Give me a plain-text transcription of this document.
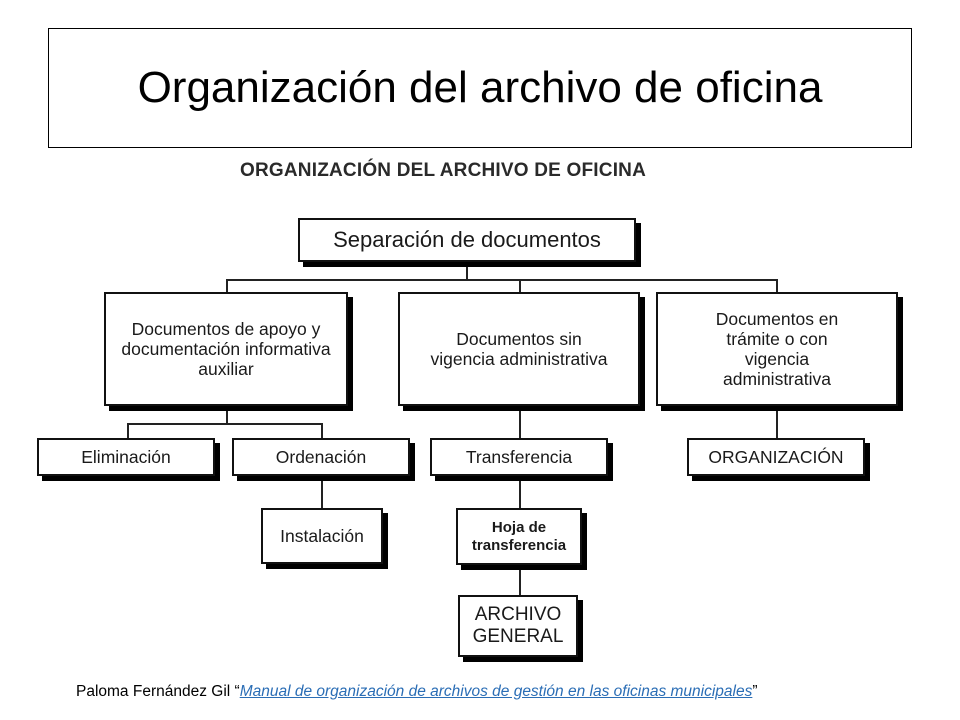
Organización del archivo de oficina
ORGANIZACIÓN DEL ARCHIVO DE OFICINA
Separación de documentos
Documentos de apoyo y documentación informativa auxiliar
Documentos sin vigencia administrativa
Documentos en trámite o con vigencia administrativa
Eliminación	Ordenación
Instalación
Transferencia
Hoja de transferencia
ARCHIVO GENERAL
ORGANIZACIÓN
Paloma Fernández Gil “Manual de organización de archivos de gestión en las oficinas municipales”
